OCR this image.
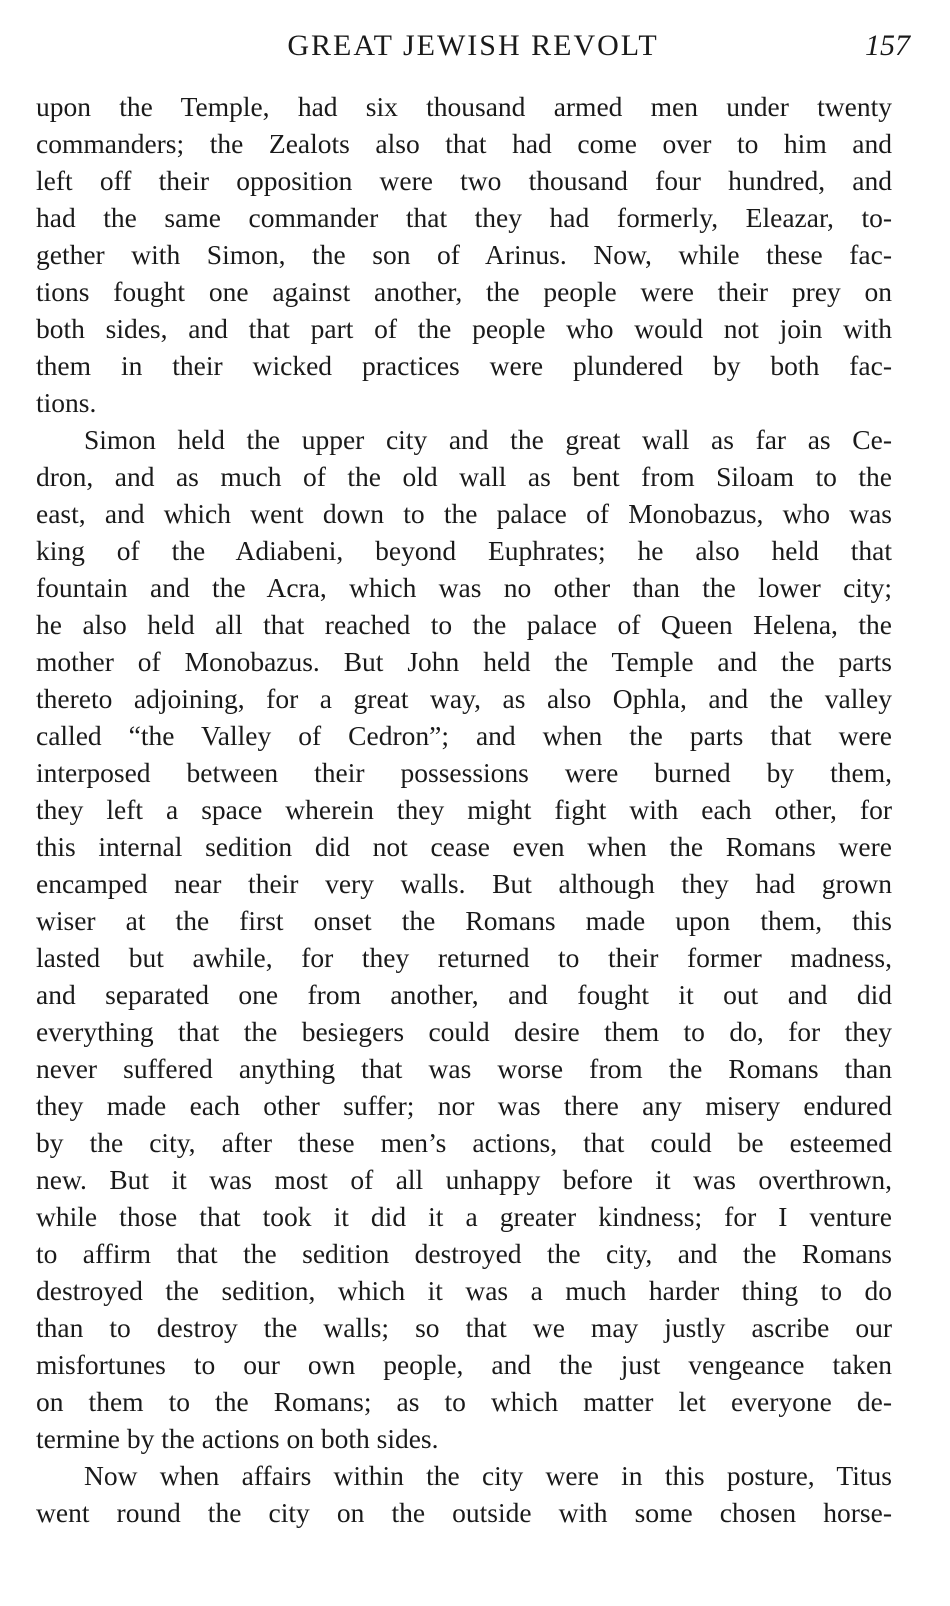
GREAT JEWISH REVOLT	157
upon the Temple, had six thousand armed men under twenty
commanders; the Zealots also that had come over to him and
left off their opposition were two thousand four hundred, and
had the same commander that they had formerly, Eleazar, to-
gether with Simon, the son of Arinus. Now, while these fac-
tions fought one against another, the people were their prey on
both sides, and that part of the people who would not join with
them in their wicked practices were plundered by both fac-
tions.
Simon held the upper city and the great wall as far as Ce-
dron, and as much of the old wall as bent from Siloam to the
east, and which went down to the palace of Monobazus, who was
king of the Adiabeni, beyond Euphrates; he also held that
fountain and the Acra, which was no other than the lower city;
he also held all that reached to the palace of Queen Helena, the
mother of Monobazus. But John held the Temple and the parts
thereto adjoining, for a great way, as also Ophla, and the valley
called “the Valley of Cedron”; and when the parts that were
interposed between their possessions were burned by them,
they left a space wherein they might fight with each other, for
this internal sedition did not cease even when the Romans were
encamped near their very walls. But although they had grown
wiser at the first onset the Romans made upon them, this
lasted but awhile, for they returned to their former madness,
and separated one from another, and fought it out and did
everything that the besiegers could desire them to do, for they
never suffered anything that was worse from the Romans than
they made each other suffer; nor was there any misery endured
by the city, after these men’s actions, that could be esteemed
new. But it was most of all unhappy before it was overthrown,
while those that took it did it a greater kindness; for I venture
to affirm that the sedition destroyed the city, and the Romans
destroyed the sedition, which it was a much harder thing to do
than to destroy the walls; so that we may justly ascribe our
misfortunes to our own people, and the just vengeance taken
on them to the Romans; as to which matter let everyone de-
termine by the actions on both sides.
Now when affairs within the city were in this posture, Titus
went round the city on the outside with some chosen horse-
